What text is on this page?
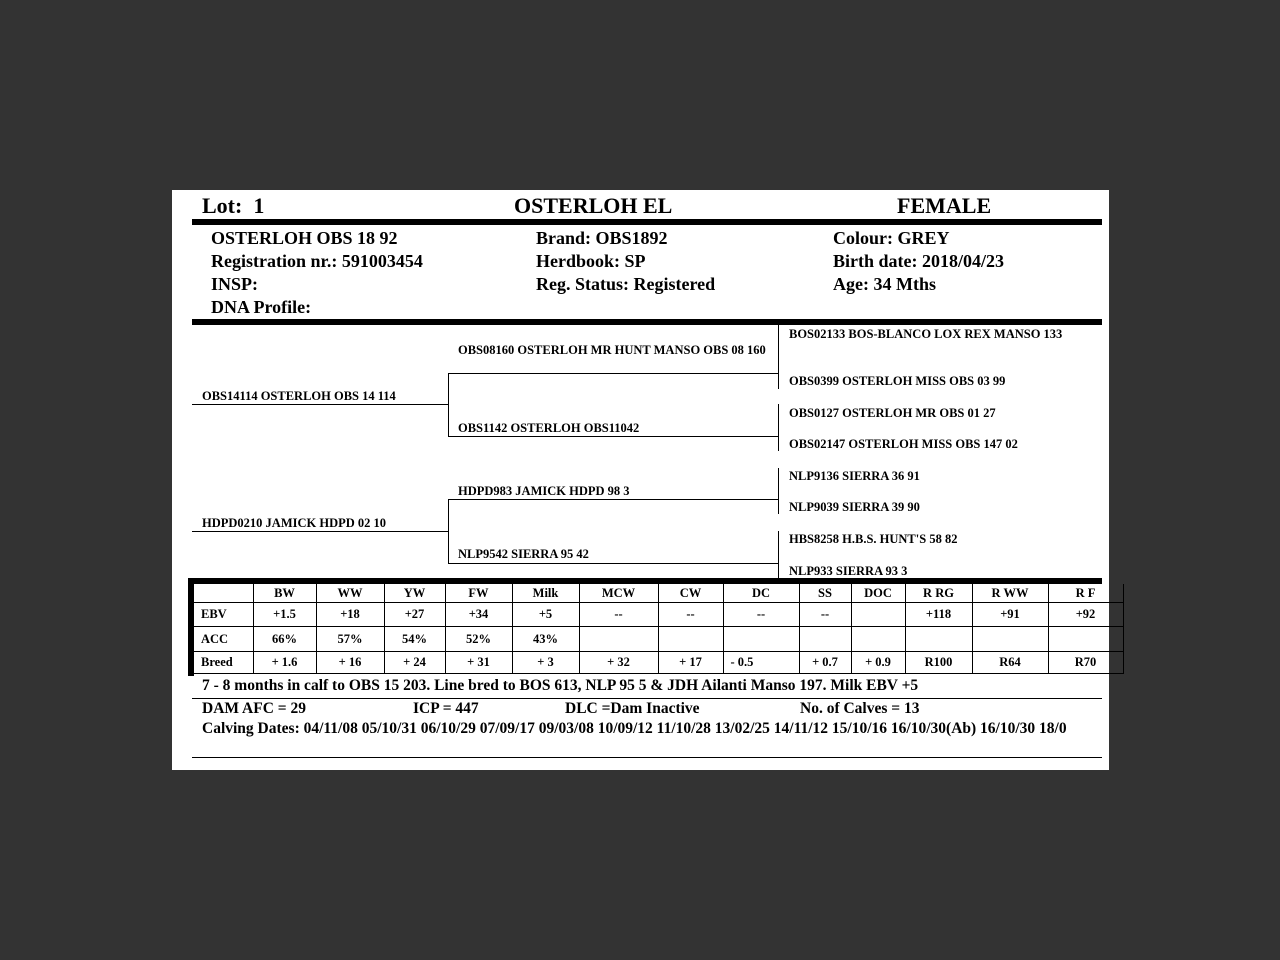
Lot: 1	OSTERLOH EL	FEMALE
OSTERLOH OBS 18 92
Registration nr.: 591003454
INSP:
DNA Profile:
Brand: OBS1892
Herdbook: SP
Reg. Status: Registered
Colour: GREY
Birth date: 2018/04/23
Age: 34 Mths
OBS14114 OSTERLOH OBS 14 114
HDPD0210 JAMICK HDPD 02 10
OBS08160 OSTERLOH MR HUNT MANSO OBS 08 160
OBS1142 OSTERLOH OBS11042
HDPD983 JAMICK HDPD 98 3
NLP9542 SIERRA 95 42
BOS02133 BOS-BLANCO LOX REX MANSO 133
OBS0399 OSTERLOH MISS OBS 03 99
OBS0127 OSTERLOH MR OBS 01 27
OBS02147 OSTERLOH MISS OBS 147 02
NLP9136 SIERRA 36 91
NLP9039 SIERRA 39 90
HBS8258 H.B.S. HUNT'S 58 82
NLP933 SIERRA 93 3
	BW	WW	YW	FW	Milk	MCW	CW	DC	SS	DOC	R RG	R WW	R F
EBV	+1.5	+18	+27	+34	+5	--	--	--	--		+118	+91	+92
ACC	66%	57%	54%	52%	43%								
Breed	+ 1.6	+ 16	+ 24	+ 31	+ 3	+ 32	+ 17	- 0.5	+ 0.7	+ 0.9	R100	R64	R70
7 - 8 months in calf to OBS 15 203. Line bred to BOS 613, NLP 95 5 & JDH Ailanti Manso 197. Milk EBV +5
DAM AFC = 29	ICP = 447	DLC =Dam Inactive	No. of Calves = 13
Calving Dates: 04/11/08 05/10/31 06/10/29 07/09/17 09/03/08 10/09/12 11/10/28 13/02/25 14/11/12 15/10/16 16/10/30(Ab) 16/10/30 18/0
